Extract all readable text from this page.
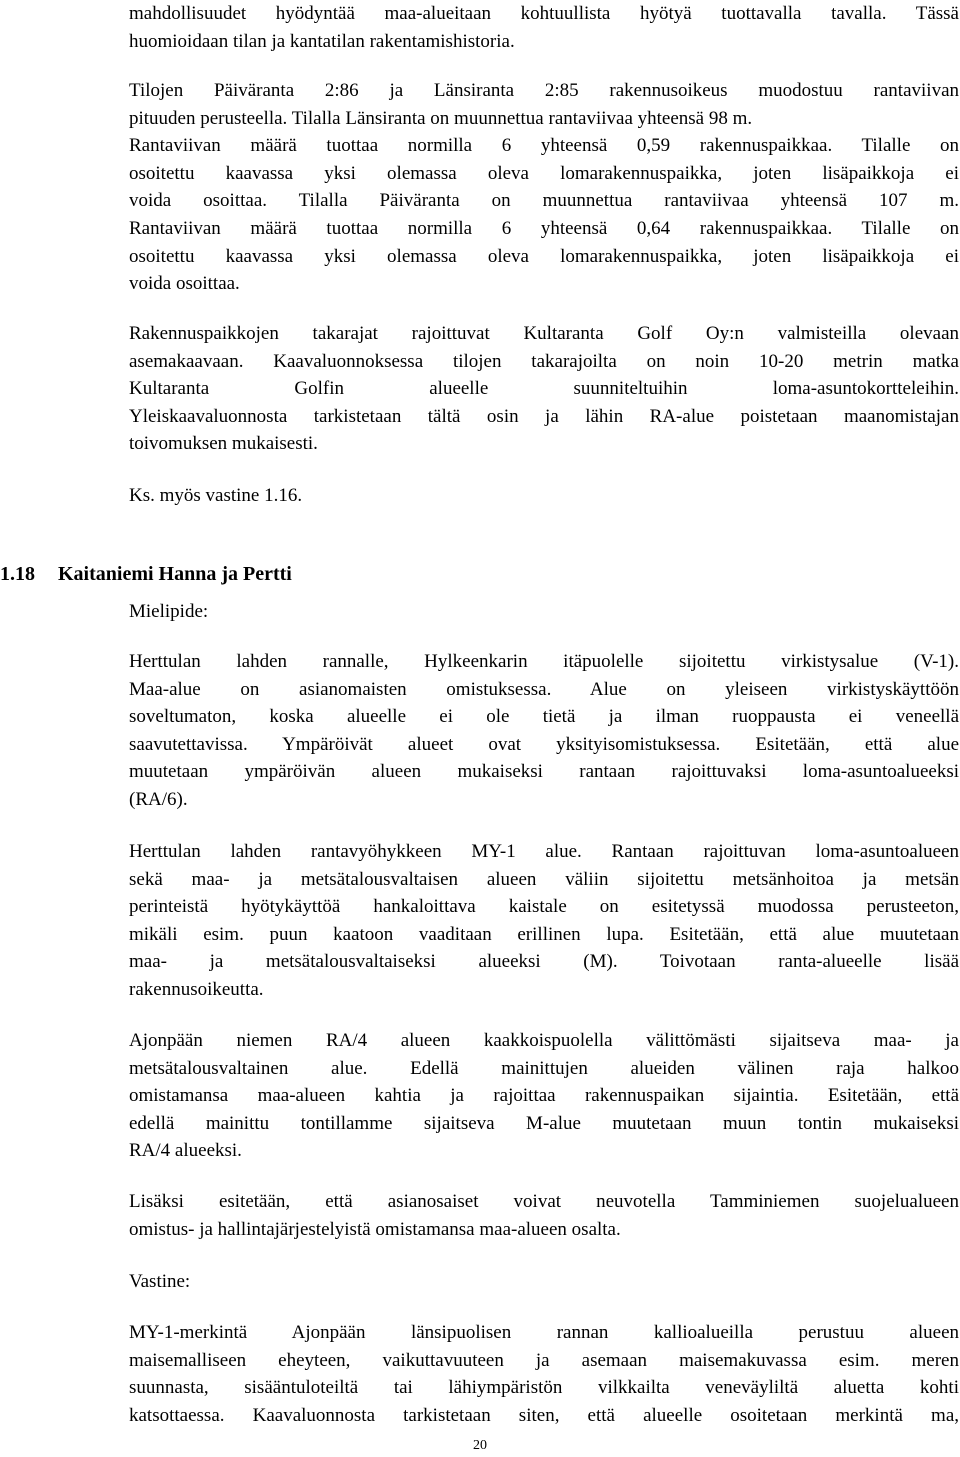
mahdollisuudet hyödyntää maa-alueitaan kohtuullista hyötyä tuottavalla tavalla. Tässä
huomioidaan tilan ja kantatilan rakentamishistoria.
Tilojen Päiväranta 2:86 ja Länsiranta 2:85 rakennusoikeus muodostuu rantaviivan
pituuden perusteella. Tilalla Länsiranta on muunnettua rantaviivaa yhteensä 98 m.
Rantaviivan määrä tuottaa normilla 6 yhteensä 0,59 rakennuspaikkaa. Tilalle on
osoitettu kaavassa yksi olemassa oleva lomarakennuspaikka, joten lisäpaikkoja ei
voida osoittaa. Tilalla Päiväranta on muunnettua rantaviivaa yhteensä 107 m.
Rantaviivan määrä tuottaa normilla 6 yhteensä 0,64 rakennuspaikkaa. Tilalle on
osoitettu kaavassa yksi olemassa oleva lomarakennuspaikka, joten lisäpaikkoja ei
voida osoittaa.
Rakennuspaikkojen takarajat rajoittuvat Kultaranta Golf Oy:n valmisteilla olevaan
asemakaavaan. Kaavaluonnoksessa tilojen takarajoilta on noin 10-20 metrin matka
Kultaranta Golfin alueelle suunniteltuihin loma-asuntokortteleihin.
Yleiskaavaluonnosta tarkistetaan tältä osin ja lähin RA-alue poistetaan maanomistajan
toivomuksen mukaisesti.
Ks. myös vastine 1.16.
1.18 Kaitaniemi Hanna ja Pertti
Mielipide:
Herttulan lahden rannalle, Hylkeenkarin itäpuolelle sijoitettu virkistysalue (V-1).
Maa-alue on asianomaisten omistuksessa. Alue on yleiseen virkistyskäyttöön
soveltumaton, koska alueelle ei ole tietä ja ilman ruoppausta ei veneellä
saavutettavissa. Ympäröivät alueet ovat yksityisomistuksessa. Esitetään, että alue
muutetaan ympäröivän alueen mukaiseksi rantaan rajoittuvaksi loma-asuntoalueeksi
(RA/6).
Herttulan lahden rantavyöhykkeen MY-1 alue. Rantaan rajoittuvan loma-asuntoalueen
sekä maa- ja metsätalousvaltaisen alueen väliin sijoitettu metsänhoitoa ja metsän
perinteistä hyötykäyttöä hankaloittava kaistale on esitetyssä muodossa perusteeton,
mikäli esim. puun kaatoon vaaditaan erillinen lupa. Esitetään, että alue muutetaan
maa- ja metsätalousvaltaiseksi alueeksi (M). Toivotaan ranta-alueelle lisää
rakennusoikeutta.
Ajonpään niemen RA/4 alueen kaakkoispuolella välittömästi sijaitseva maa- ja
metsätalousvaltainen alue. Edellä mainittujen alueiden välinen raja halkoo
omistamansa maa-alueen kahtia ja rajoittaa rakennuspaikan sijaintia. Esitetään, että
edellä mainittu tontillamme sijaitseva M-alue muutetaan muun tontin mukaiseksi
RA/4 alueeksi.
Lisäksi esitetään, että asianosaiset voivat neuvotella Tamminiemen suojelualueen
omistus- ja hallintajärjestelyistä omistamansa maa-alueen osalta.
Vastine:
MY-1-merkintä Ajonpään länsipuolisen rannan kallioalueilla perustuu alueen
maisemalliseen eheyteen, vaikuttavuuteen ja asemaan maisemakuvassa esim. meren
suunnasta, sisääntuloteiltä tai lähiympäristön vilkkailta veneväyliltä aluetta kohti
katsottaessa. Kaavaluonnosta tarkistetaan siten, että alueelle osoitetaan merkintä ma,
20
